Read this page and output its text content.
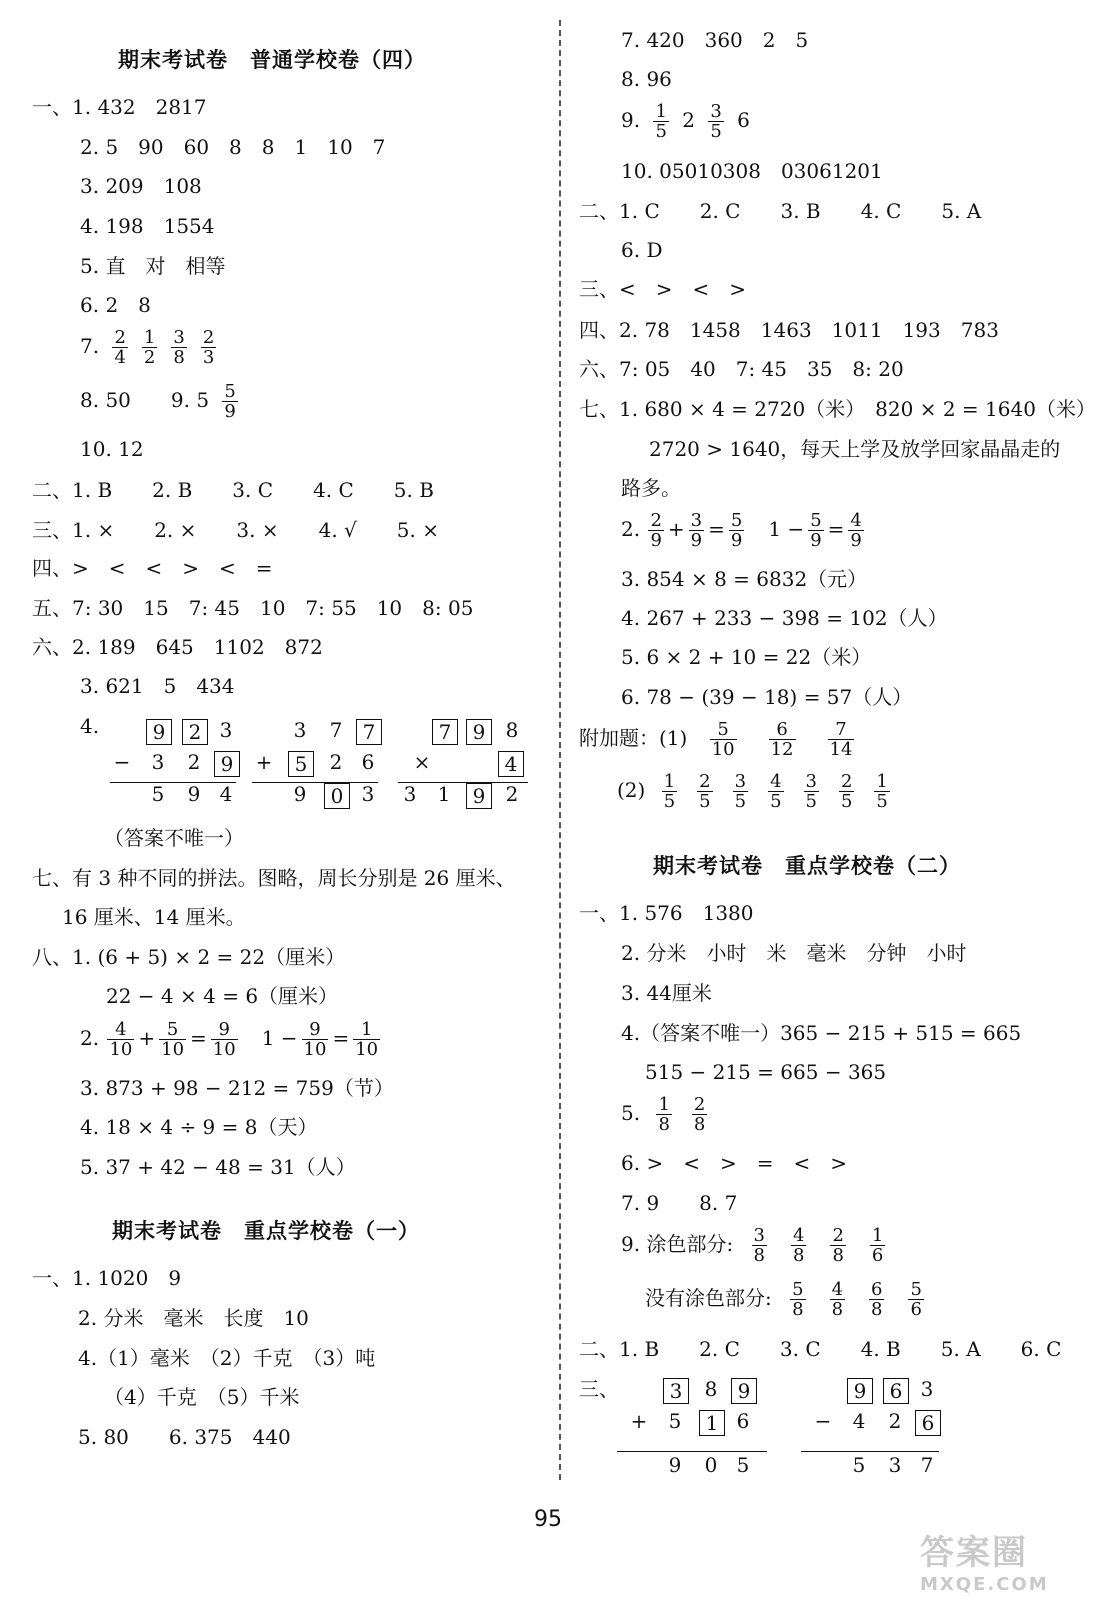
期末考试卷　普通学校卷（四）
一、1. 432　2817
2. 5　90　60　8　8　1　10　7
3. 209　108
4. 198　1554
5. 直　对　相等
6. 2　8
7. $\frac{2}{4} \frac{1}{2} \frac{3}{8} \frac{2}{3}$
8. 50　　9. $5 \frac{5}{9}$
10. 12
二、1. B　　2. B　　3. C　　4. C　　5. B
三、1. ×　　2. ×　　3. ×　　4. √　　5. ×
四、>　<　<　>　<　=
五、7: 30　15　7: 45　10　7: 55　10　8: 05
六、2. 189　645　1102　872
3. 621　5　434
4.	9	2 3
− 3 2	9
5 9 4
3 7	7
+	5	2 6
9	0 3
7	9	8
×	4
3 1	9	2
（答案不唯一）
七、有 3 种不同的拼法。图略，周长分别是 26 厘米、
16 厘米、14 厘米。
八、1. (6 + 5) × 2 = 22（厘米）
22 − 4 × 4 = 6（厘米）
2. $\frac{4}{10} + \frac{5}{10} = \frac{9}{10}$ 　$1 - \frac{9}{10} = \frac{1}{10}$
3. 873 + 98 − 212 = 759（节）
4. 18 × 4 ÷ 9 = 8（天）
5. 37 + 42 − 48 = 31（人）
期末考试卷　重点学校卷（一）
一、1. 1020　9
2. 分米　毫米　长度　10
4.（1）毫米　（2）千克　（3）吨
（4）千克　（5）千米
5. 80　　6. 375　440
7. 420　360　2　5
8. 96
9. $\frac{1}{5} 2 \frac{3}{5} 6$
10. 05010308　03061201
二、1. C　　2. C　　3. B　　4. C　　5. A
6. D
三、<　>　<　>
四、2. 78　1458　1463　1011　193　783
六、7: 05　40　7: 45　35　8: 20
七、1. 680 × 4 = 2720（米）　820 × 2 = 1640（米）
2720 > 1640，每天上学及放学回家晶晶走的
路多。
2. $\frac{2}{9} + \frac{3}{9} = \frac{5}{9}$ 　$1 - \frac{5}{9} = \frac{4}{9}$
3. 854 × 8 = 6832（元）
4. 267 + 233 − 398 = 102（人）
5. 6 × 2 + 10 = 22（米）
6. 78 − (39 − 18) = 57（人）
附加题：$(1) \frac{5}{10} \frac{6}{12} \frac{7}{14}$
$(2) \frac{1}{5} \frac{2}{5} \frac{3}{5} \frac{4}{5} \frac{3}{5} \frac{2}{5} \frac{1}{5}$
期末考试卷　重点学校卷（二）
一、1. 576　1380
2. 分米　小时　米　毫米　分钟　小时
3. 44厘米
4.（答案不唯一）365 − 215 + 515 = 665
515 − 215 = 665 − 365
5. $\frac{1}{8} \frac{2}{8}$
6. >　<　>　=　<　>
7. 9　　8. 7
9. 涂色部分: $\frac{3}{8} \frac{4}{8} \frac{2}{8} \frac{1}{6}$
没有涂色部分: $\frac{5}{8} \frac{4}{8} \frac{6}{8} \frac{5}{6}$
二、1. B　　2. C　　3. C　　4. B　　5. A　　6. C
三、	3	8	9
+ 5	1 6
9 0 5
9	6 3
− 4 2	6
5 3 7
95
答案圈
MXQE.COM
